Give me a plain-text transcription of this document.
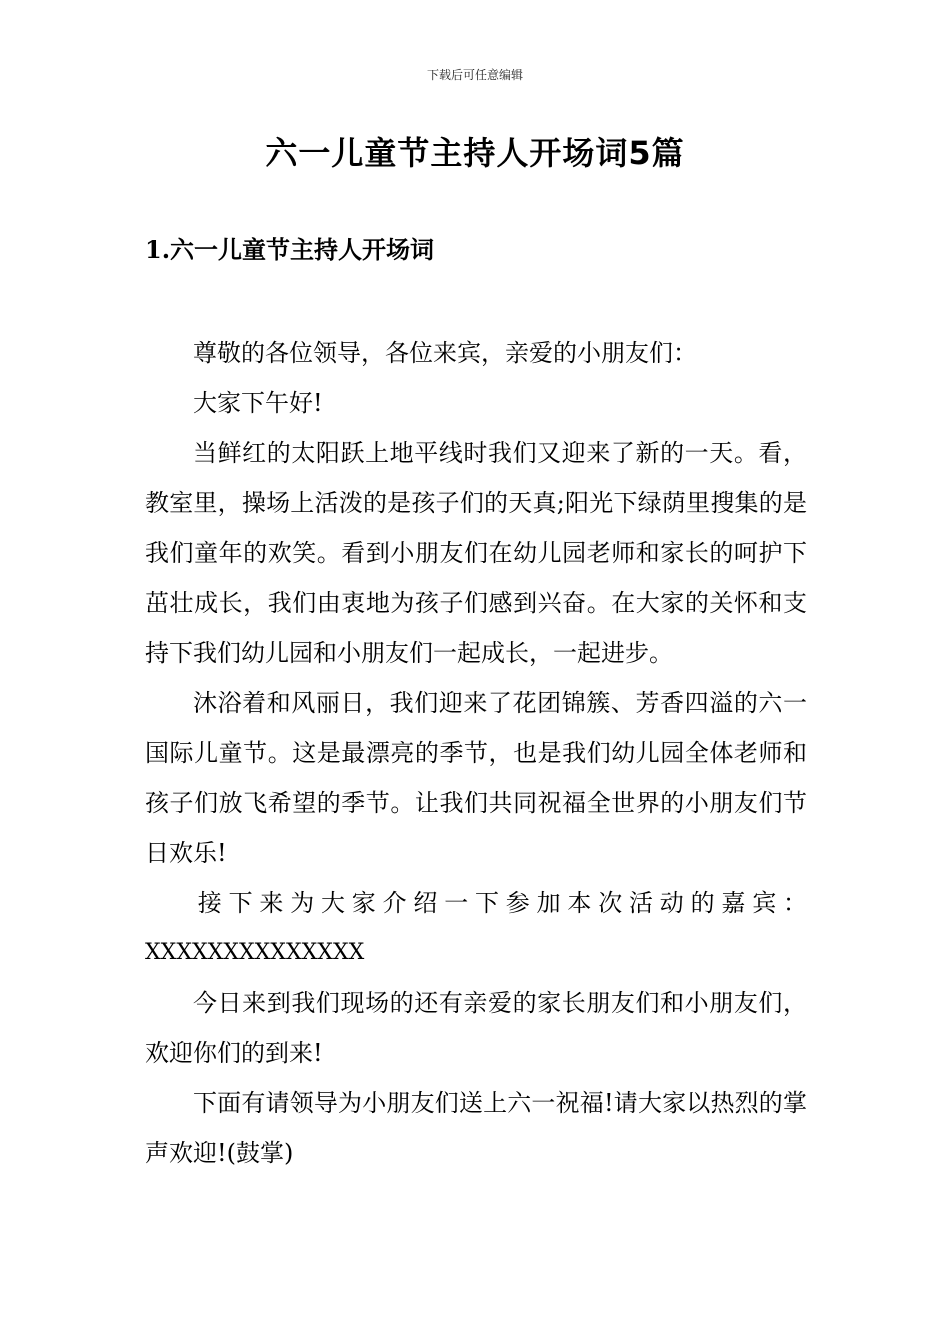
下载后可任意编辑
六一儿童节主持人开场词5篇
1.六一儿童节主持人开场词

尊敬的各位领导，各位来宾，亲爱的小朋友们：

大家下午好!

当鲜红的太阳跃上地平线时我们又迎来了新的一天。看，教室里，操场上活泼的是孩子们的天真;阳光下绿荫里搜集的是我们童年的欢笑。看到小朋友们在幼儿园老师和家长的呵护下茁壮成长，我们由衷地为孩子们感到兴奋。在大家的关怀和支持下我们幼儿园和小朋友们一起成长，一起进步。

沐浴着和风丽日，我们迎来了花团锦簇、芳香四溢的六一国际儿童节。这是最漂亮的季节，也是我们幼儿园全体老师和孩子们放飞希望的季节。让我们共同祝福全世界的小朋友们节日欢乐!

接下来为大家介绍一下参加本次活动的嘉宾：

XXXXXXXXXXXXXX

今日来到我们现场的还有亲爱的家长朋友们和小朋友们，欢迎你们的到来!

下面有请领导为小朋友们送上六一祝福!请大家以热烈的掌声欢迎!(鼓掌)
